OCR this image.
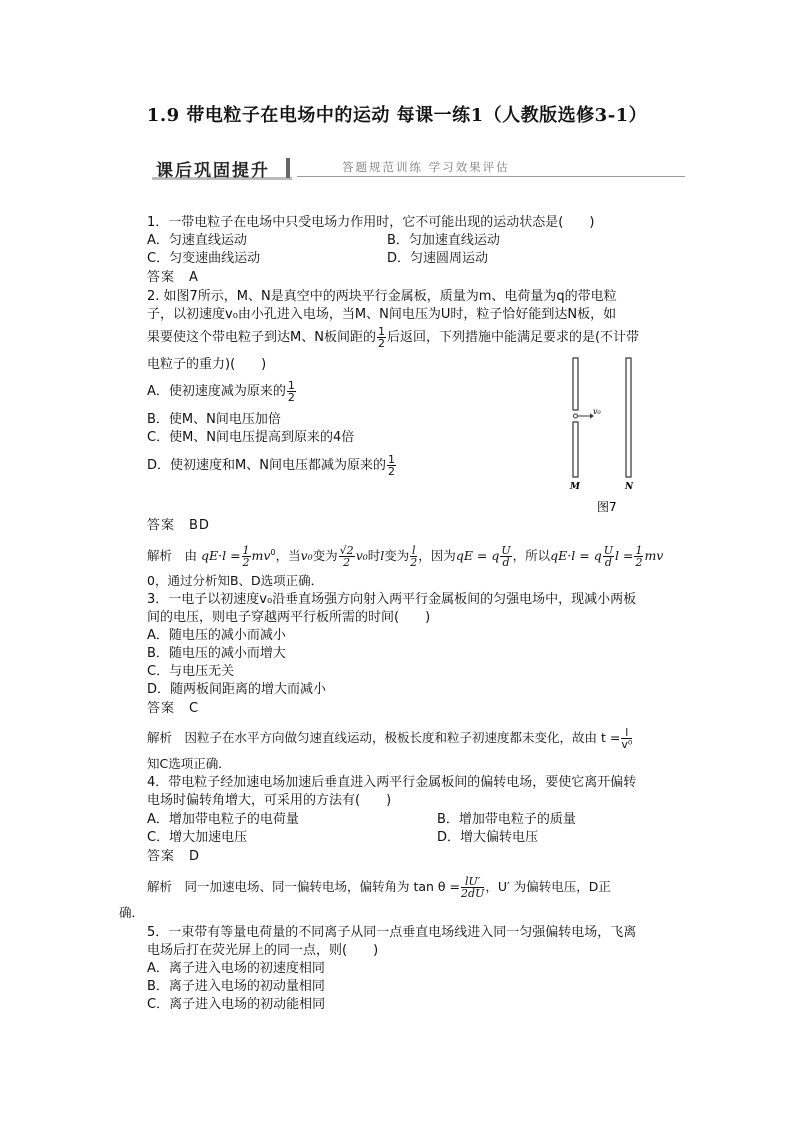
1.9 带电粒子在电场中的运动 每课一练1（人教版选修3-1）
课后巩固提升	答题规范训练 学习效果评估
1．一带电粒子在电场中只受电场力作用时，它不可能出现的运动状态是(　　)
A．匀速直线运动	B．匀加速直线运动
C．匀变速曲线运动	D．匀速圆周运动
答案　A
2. 如图7所示，M、N是真空中的两块平行金属板，质量为m、电荷量为q的带电粒
子，以初速度v₀由小孔进入电场，当M、N间电压为U时，粒子恰好能到达N板，如
果要使这个带电粒子到达M、N板间距的 $\frac{1}{2}$ 后返回，下列措施中能满足要求的是(不计带
电粒子的重力)(　　)
A．使初速度减为原来的 $\frac{1}{2}$
B．使M、N间电压加倍
C．使M、N间电压提高到原来的4倍
D．使初速度和M、N间电压都减为原来的 $\frac{1}{2}$
答案　BD
解析　由 $qE\cdot l = \frac{1}{2} mv^0$，当v₀变为 $\frac{√2}{2} v_0$时l变为 $\frac{l}{2}$ ，因为qE = q $\frac{U}{d}$ ，所以qE·l = q $\frac{U}{d}$ $l = \frac{1}{2}$ mv
0，通过分析知B、D选项正确．
3．一电子以初速度v₀沿垂直场强方向射入两平行金属板间的匀强电场中，现减小两板
间的电压，则电子穿越两平行板所需的时间(　　)
A．随电压的减小而减小
B．随电压的减小而增大
C．与电压无关
D．随两板间距离的增大而减小
答案　C
解析　因粒子在水平方向做匀速直线运动，极板长度和粒子初速度都未变化，故由 $t = \frac{l}{\text{v⁰}}$
知C选项正确．
4．带电粒子经加速电场加速后垂直进入两平行金属板间的偏转电场，要使它离开偏转
电场时偏转角增大，可采用的方法有(　　)
A．增加带电粒子的电荷量	B．增加带电粒子的质量
C．增大加速电压	D．增大偏转电压
答案　D
解析　同一加速电场、同一偏转电场，偏转角为 $\tan \theta = \frac{lU'}{2dU}$ ，U′ 为偏转电压，D正
确．
5．一束带有等量电荷量的不同离子从同一点垂直电场线进入同一匀强偏转电场，飞离
电场后打在荧光屏上的同一点，则(　　)
A．离子进入电场的初速度相同
B．离子进入电场的初动量相同
C．离子进入电场的初动能相同
v₀
M	N
图7
